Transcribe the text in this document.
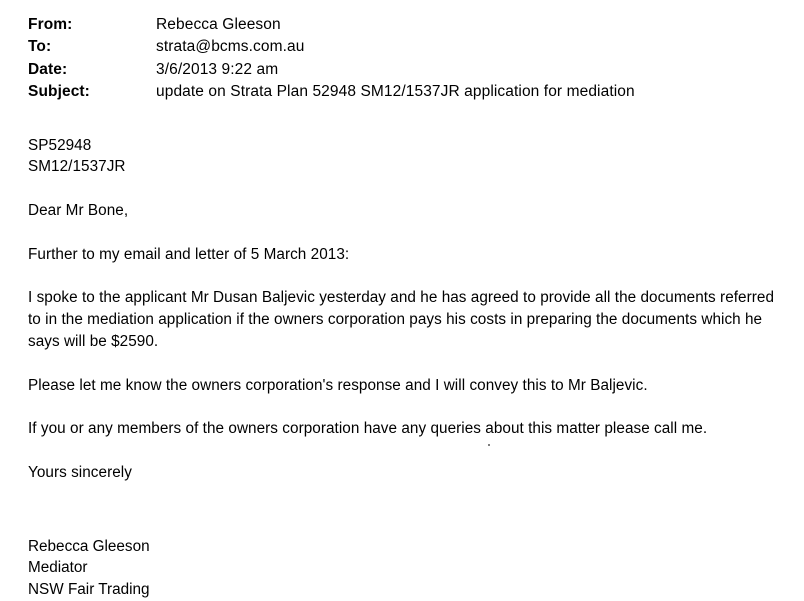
From:	Rebecca Gleeson
To:	strata@bcms.com.au
Date:	3/6/2013 9:22 am
Subject:	update on Strata Plan 52948 SM12/1537JR application for mediation

SP52948

SM12/1537JR

Dear Mr Bone,

Further to my email and letter of 5 March 2013:

I spoke to the applicant Mr Dusan Baljevic yesterday and he has agreed to provide all the documents referred to in the mediation application if the owners corporation pays his costs in preparing the documents which he says will be $2590.

Please let me know the owners corporation's response and I will convey this to Mr Baljevic.

If you or any members of the owners corporation have any queries about this matter please call me.

Yours sincerely

Rebecca Gleeson

Mediator

NSW Fair Trading
